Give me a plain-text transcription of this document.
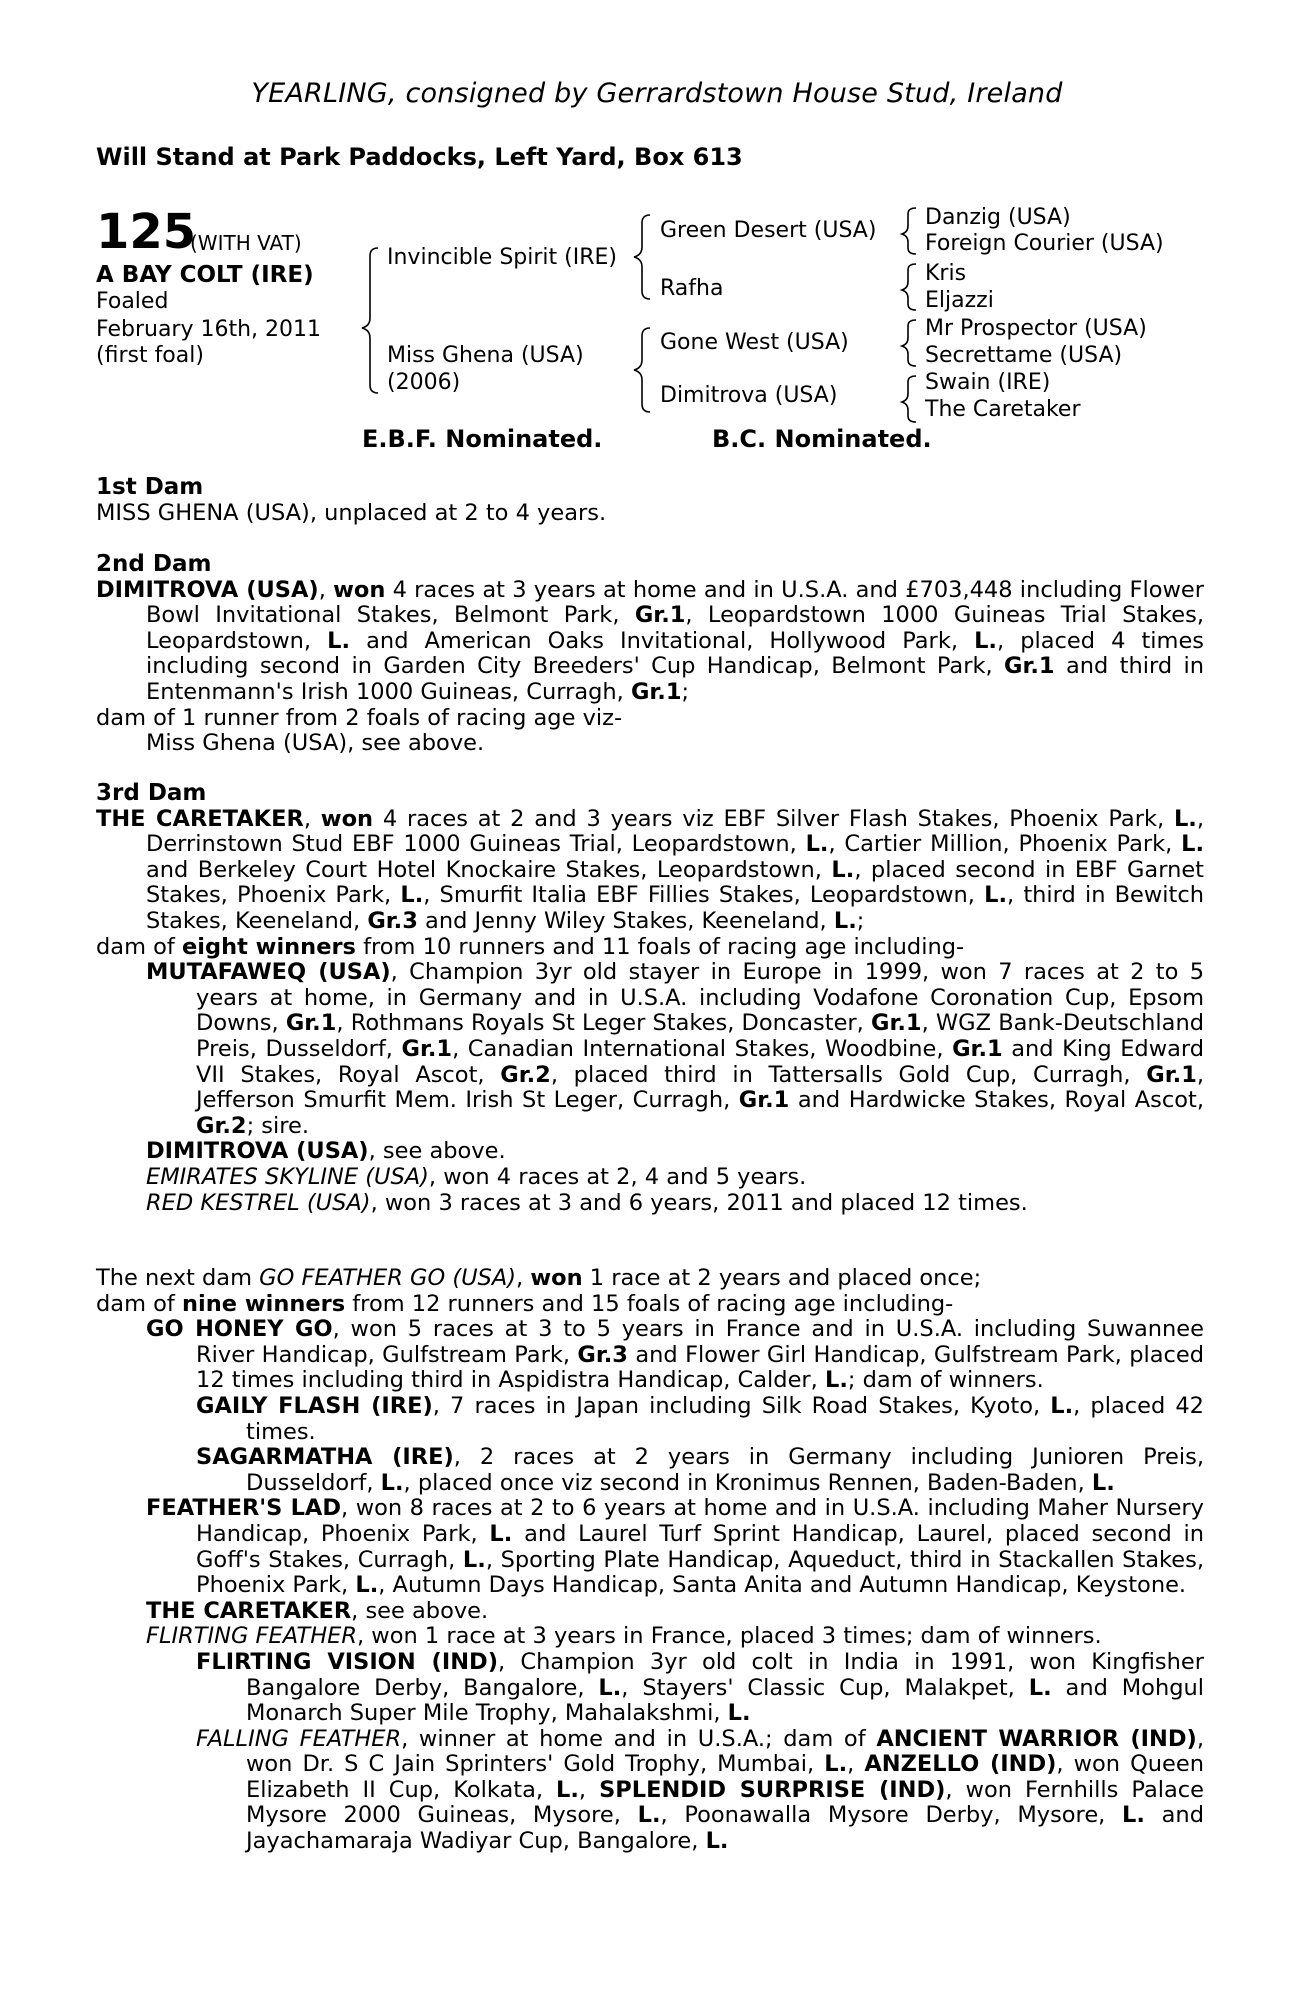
YEARLING, consigned by Gerrardstown House Stud, Ireland
Will Stand at Park Paddocks, Left Yard, Box 613
125
(WITH VAT)
A BAY COLT (IRE)
Foaled
February 16th, 2011
(first foal)
Invincible Spirit (IRE)
Miss Ghena (USA)
(2006)
Green Desert (USA)
Rafha
Gone West (USA)
Dimitrova (USA)
Danzig (USA)
Foreign Courier (USA)
Kris
Eljazzi
Mr Prospector (USA)
Secrettame (USA)
Swain (IRE)
The Caretaker
E.B.F. Nominated.	B.C. Nominated.

1st Dam

MISS GHENA (USA), unplaced at 2 to 4 years.

2nd Dam

DIMITROVA (USA), won 4 races at 3 years at home and in U.S.A. and £703,448 including Flower Bowl Invitational Stakes, Belmont Park, Gr.1, Leopardstown 1000 Guineas Trial Stakes, Leopardstown, L. and American Oaks Invitational, Hollywood Park, L., placed 4 times including second in Garden City Breeders' Cup Handicap, Belmont Park, Gr.1 and third in Entenmann's Irish 1000 Guineas, Curragh, Gr.1;

dam of 1 runner from 2 foals of racing age viz-

Miss Ghena (USA), see above.

3rd Dam

THE CARETAKER, won 4 races at 2 and 3 years viz EBF Silver Flash Stakes, Phoenix Park, L., Derrinstown Stud EBF 1000 Guineas Trial, Leopardstown, L., Cartier Million, Phoenix Park, L. and Berkeley Court Hotel Knockaire Stakes, Leopardstown, L., placed second in EBF Garnet Stakes, Phoenix Park, L., Smurfit Italia EBF Fillies Stakes, Leopardstown, L., third in Bewitch Stakes, Keeneland, Gr.3 and Jenny Wiley Stakes, Keeneland, L.;

dam of eight winners from 10 runners and 11 foals of racing age including-

MUTAFAWEQ (USA), Champion 3yr old stayer in Europe in 1999, won 7 races at 2 to 5 years at home, in Germany and in U.S.A. including Vodafone Coronation Cup, Epsom Downs, Gr.1, Rothmans Royals St Leger Stakes, Doncaster, Gr.1, WGZ Bank-Deutschland Preis, Dusseldorf, Gr.1, Canadian International Stakes, Woodbine, Gr.1 and King Edward VII Stakes, Royal Ascot, Gr.2, placed third in Tattersalls Gold Cup, Curragh, Gr.1, Jefferson Smurfit Mem. Irish St Leger, Curragh, Gr.1 and Hardwicke Stakes, Royal Ascot, Gr.2; sire.

DIMITROVA (USA), see above.

EMIRATES SKYLINE (USA), won 4 races at 2, 4 and 5 years.

RED KESTREL (USA), won 3 races at 3 and 6 years, 2011 and placed 12 times.

The next dam GO FEATHER GO (USA), won 1 race at 2 years and placed once;

dam of nine winners from 12 runners and 15 foals of racing age including-

GO HONEY GO, won 5 races at 3 to 5 years in France and in U.S.A. including Suwannee River Handicap, Gulfstream Park, Gr.3 and Flower Girl Handicap, Gulfstream Park, placed 12 times including third in Aspidistra Handicap, Calder, L.; dam of winners.

GAILY FLASH (IRE), 7 races in Japan including Silk Road Stakes, Kyoto, L., placed 42 times.

SAGARMATHA (IRE), 2 races at 2 years in Germany including Junioren Preis, Dusseldorf, L., placed once viz second in Kronimus Rennen, Baden-Baden, L.

FEATHER'S LAD, won 8 races at 2 to 6 years at home and in U.S.A. including Maher Nursery Handicap, Phoenix Park, L. and Laurel Turf Sprint Handicap, Laurel, placed second in Goff's Stakes, Curragh, L., Sporting Plate Handicap, Aqueduct, third in Stackallen Stakes, Phoenix Park, L., Autumn Days Handicap, Santa Anita and Autumn Handicap, Keystone.

THE CARETAKER, see above.

FLIRTING FEATHER, won 1 race at 3 years in France, placed 3 times; dam of winners.

FLIRTING VISION (IND), Champion 3yr old colt in India in 1991, won Kingfisher Bangalore Derby, Bangalore, L., Stayers' Classic Cup, Malakpet, L. and Mohgul Monarch Super Mile Trophy, Mahalakshmi, L.

FALLING FEATHER, winner at home and in U.S.A.; dam of ANCIENT WARRIOR (IND), won Dr. S C Jain Sprinters' Gold Trophy, Mumbai, L., ANZELLO (IND), won Queen Elizabeth II Cup, Kolkata, L., SPLENDID SURPRISE (IND), won Fernhills Palace Mysore 2000 Guineas, Mysore, L., Poonawalla Mysore Derby, Mysore, L. and Jayachamaraja Wadiyar Cup, Bangalore, L.
